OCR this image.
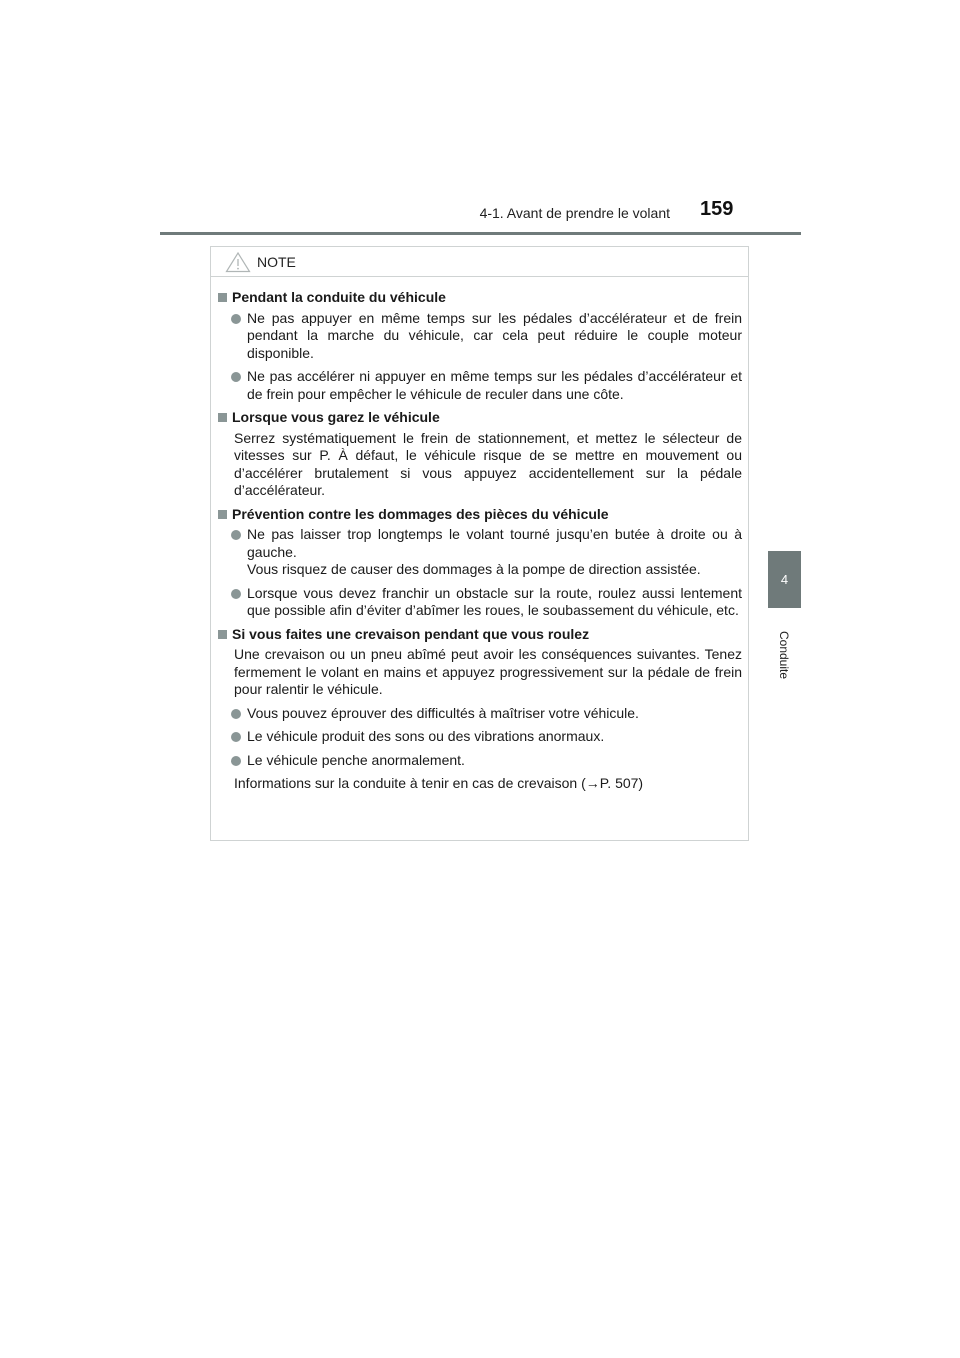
4-1. Avant de prendre le volant 159
4
Conduite
NOTE
Pendant la conduite du véhicule
Ne pas appuyer en même temps sur les pédales d’accélérateur et de frein pendant la marche du véhicule, car cela peut réduire le couple moteur disponible.
Ne pas accélérer ni appuyer en même temps sur les pédales d’accélérateur et de frein pour empêcher le véhicule de reculer dans une côte.
Lorsque vous garez le véhicule
Serrez systématiquement le frein de stationnement, et mettez le sélecteur de vitesses sur P. À défaut, le véhicule risque de se mettre en mouvement ou d’accélérer brutalement si vous appuyez accidentellement sur la pédale d’accélérateur.
Prévention contre les dommages des pièces du véhicule
Ne pas laisser trop longtemps le volant tourné jusqu’en butée à droite ou à gauche.
Vous risquez de causer des dommages à la pompe de direction assistée.
Lorsque vous devez franchir un obstacle sur la route, roulez aussi lentement que possible afin d’éviter d’abîmer les roues, le soubassement du véhicule, etc.
Si vous faites une crevaison pendant que vous roulez
Une crevaison ou un pneu abîmé peut avoir les conséquences suivantes. Tenez fermement le volant en mains et appuyez progressivement sur la pédale de frein pour ralentir le véhicule.
Vous pouvez éprouver des difficultés à maîtriser votre véhicule.
Le véhicule produit des sons ou des vibrations anormaux.
Le véhicule penche anormalement.
Informations sur la conduite à tenir en cas de crevaison (→P. 507)
